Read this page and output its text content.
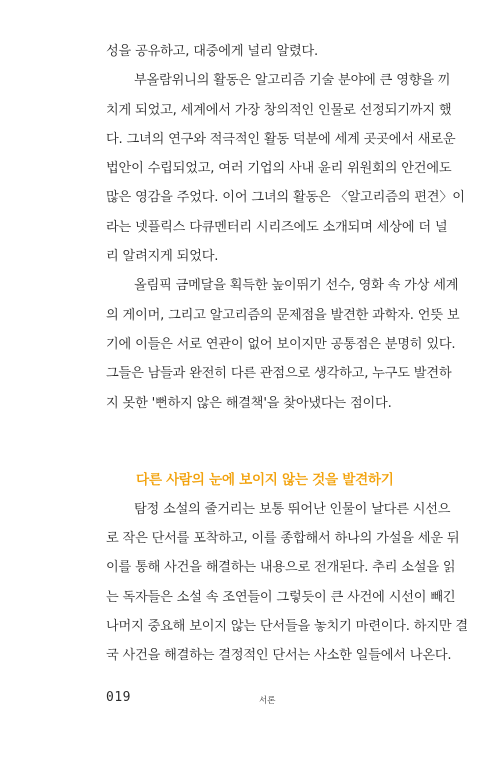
성을 공유하고, 대중에게 널리 알렸다.
부올람위니의 활동은 알고리즘 기술 분야에 큰 영향을 끼
치게 되었고, 세계에서 가장 창의적인 인물로 선정되기까지 했
다. 그녀의 연구와 적극적인 활동 덕분에 세계 곳곳에서 새로운
법안이 수립되었고, 여러 기업의 사내 윤리 위원회의 안건에도
많은 영감을 주었다. 이어 그녀의 활동은 〈알고리즘의 편견〉이
라는 넷플릭스 다큐멘터리 시리즈에도 소개되며 세상에 더 널
리 알려지게 되었다.
올림픽 금메달을 획득한 높이뛰기 선수, 영화 속 가상 세계
의 게이머, 그리고 알고리즘의 문제점을 발견한 과학자. 언뜻 보
기에 이들은 서로 연관이 없어 보이지만 공통점은 분명히 있다.
그들은 남들과 완전히 다른 관점으로 생각하고, 누구도 발견하
지 못한 '뻔하지 않은 해결책'을 찾아냈다는 점이다.
다른 사람의 눈에 보이지 않는 것을 발견하기
탐정 소설의 줄거리는 보통 뛰어난 인물이 날다른 시선으
로 작은 단서를 포착하고, 이를 종합해서 하나의 가설을 세운 뒤
이를 통해 사건을 해결하는 내용으로 전개된다. 추리 소설을 읽
는 독자들은 소설 속 조연들이 그렇듯이 큰 사건에 시선이 빼긴
나머지 중요해 보이지 않는 단서들을 놓치기 마련이다. 하지만 결
국 사건을 해결하는 결정적인 단서는 사소한 일들에서 나온다.
019	서론
